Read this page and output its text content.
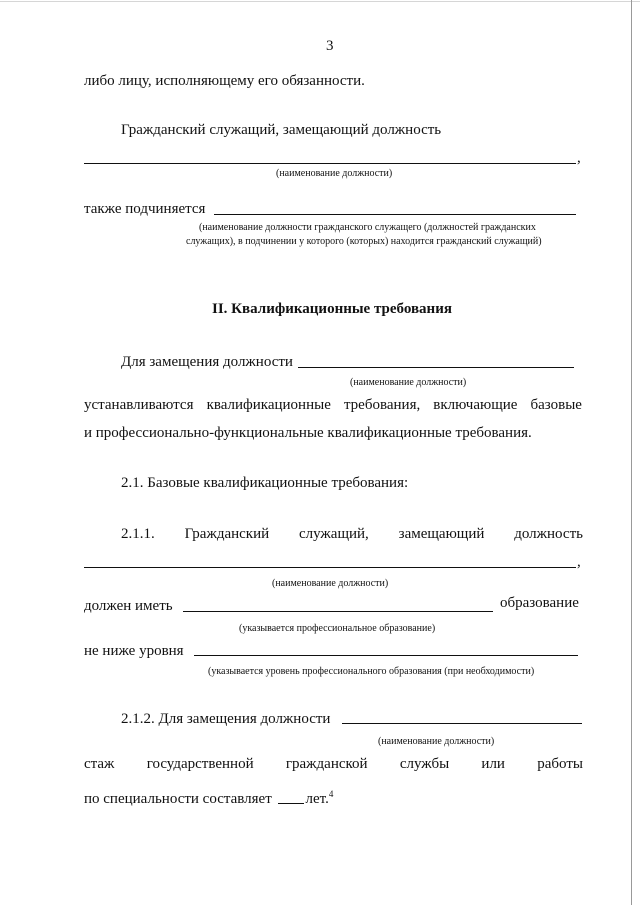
3
либо лицу, исполняющему его обязанности.
Гражданский служащий, замещающий должность
,
(наименование должности)
также подчиняется
(наименование должности гражданского служащего (должностей гражданских
служащих), в подчинении у которого (которых) находится гражданский служащий)
II. Квалификационные требования
Для замещения должности
(наименование должности)
устанавливаются квалификационные требования, включающие базовые
и профессионально-функциональные квалификационные требования.
2.1. Базовые квалификационные требования:
2.1.1. Гражданский служащий, замещающий должность
,
(наименование должности)
должен иметь	образование
(указывается профессиональное образование)
не ниже уровня
(указывается уровень профессионального образования (при необходимости)
2.1.2. Для замещения должности
(наименование должности)
стаж государственной гражданской службы или работы
по специальности составляет лет.$^4$
